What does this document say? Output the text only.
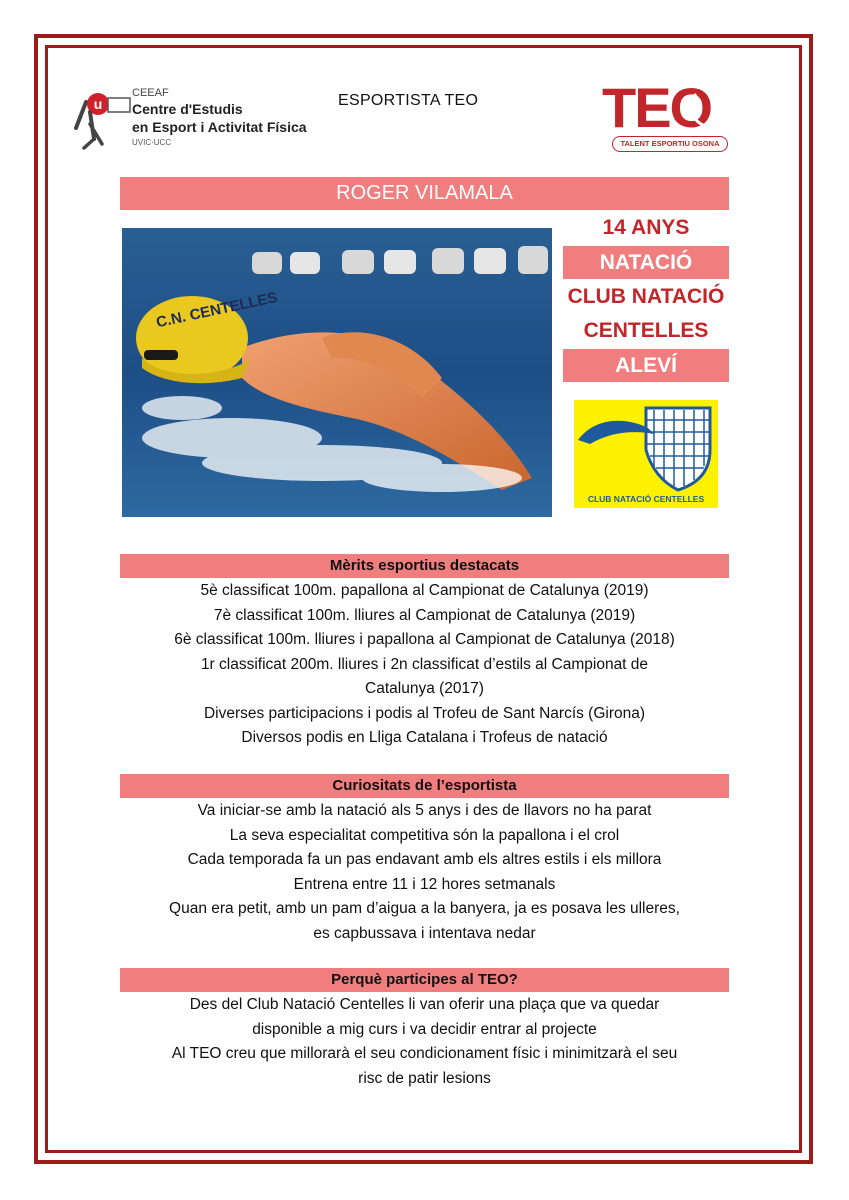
u
CEEAF
Centre d'Estudis
en Esport i Activitat Física
UVIC·UCC
ESPORTISTA TEO TEO
TALENT ESPORTIU OSONA
ROGER VILAMALA
C.N. CENTELLES
14 ANYS
NATACIÓ
CLUB NATACIÓ
CENTELLES
ALEVÍ
CLUB NATACIÓ CENTELLES
Mèrits esportius destacats
5è classificat 100m. papallona al Campionat de Catalunya (2019)
7è classificat 100m. lliures al Campionat de Catalunya (2019)
6è classificat 100m. lliures i papallona al Campionat de Catalunya (2018)
1r classificat 200m. lliures i 2n classificat d’estils al Campionat de
Catalunya (2017)
Diverses participacions i podis al Trofeu de Sant Narcís (Girona)
Diversos podis en Lliga Catalana i Trofeus de natació
Curiositats de l’esportista
Va iniciar-se amb la natació als 5 anys i des de llavors no ha parat
La seva especialitat competitiva són la papallona i el crol
Cada temporada fa un pas endavant amb els altres estils i els millora
Entrena entre 11 i 12 hores setmanals
Quan era petit, amb un pam d’aigua a la banyera, ja es posava les ulleres,
es capbussava i intentava nedar
Perquè participes al TEO?
Des del Club Natació Centelles li van oferir una plaça que va quedar
disponible a mig curs i va decidir entrar al projecte
Al TEO creu que millorarà el seu condicionament físic i minimitzarà el seu
risc de patir lesions
